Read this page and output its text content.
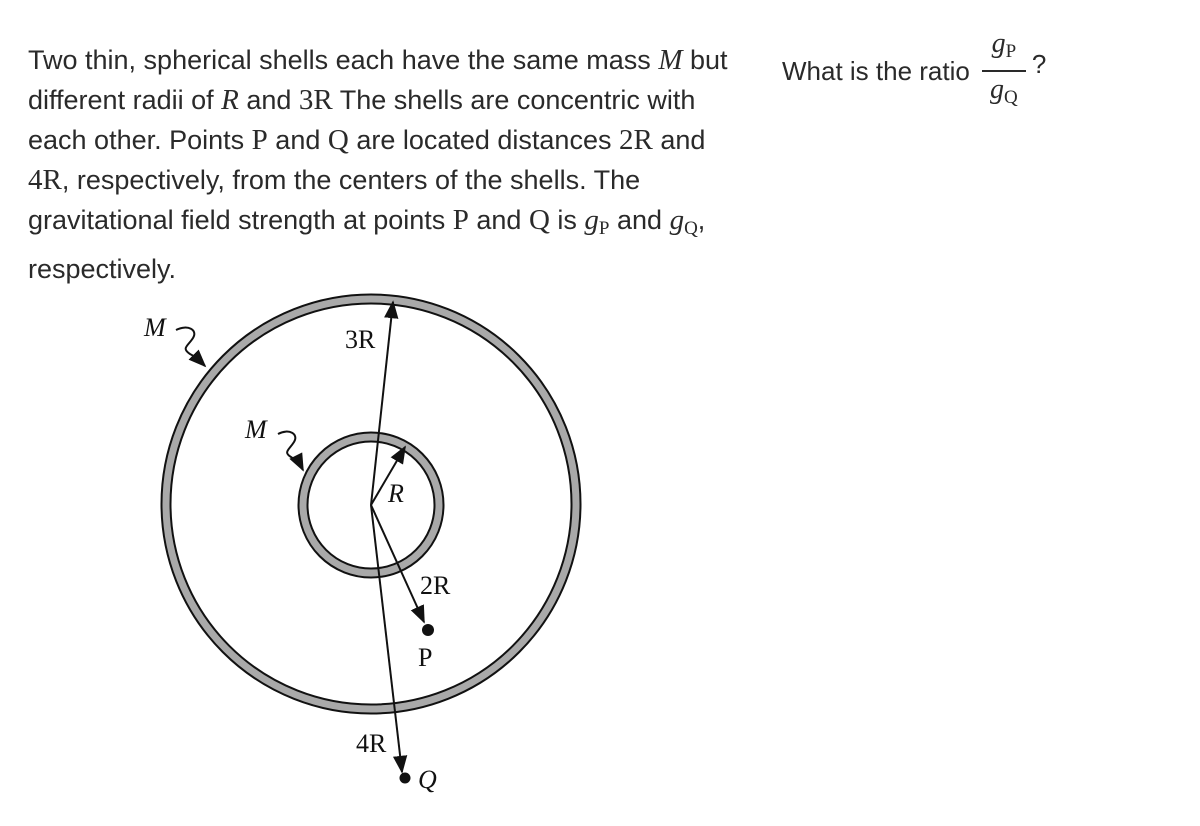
Two thin, spherical shells each have the same mass M but different radii of R and 3R The shells are concentric with each other. Points P and Q are located distances 2R and 4R, respectively, from the centers of the shells. The gravitational field strength at points P and Q is $g_P$ and $g_Q$, respectively.

What is the ratio $\frac{g_P}{g_Q}$ ?
M
M
3R
R
2R
P
4R
Q
